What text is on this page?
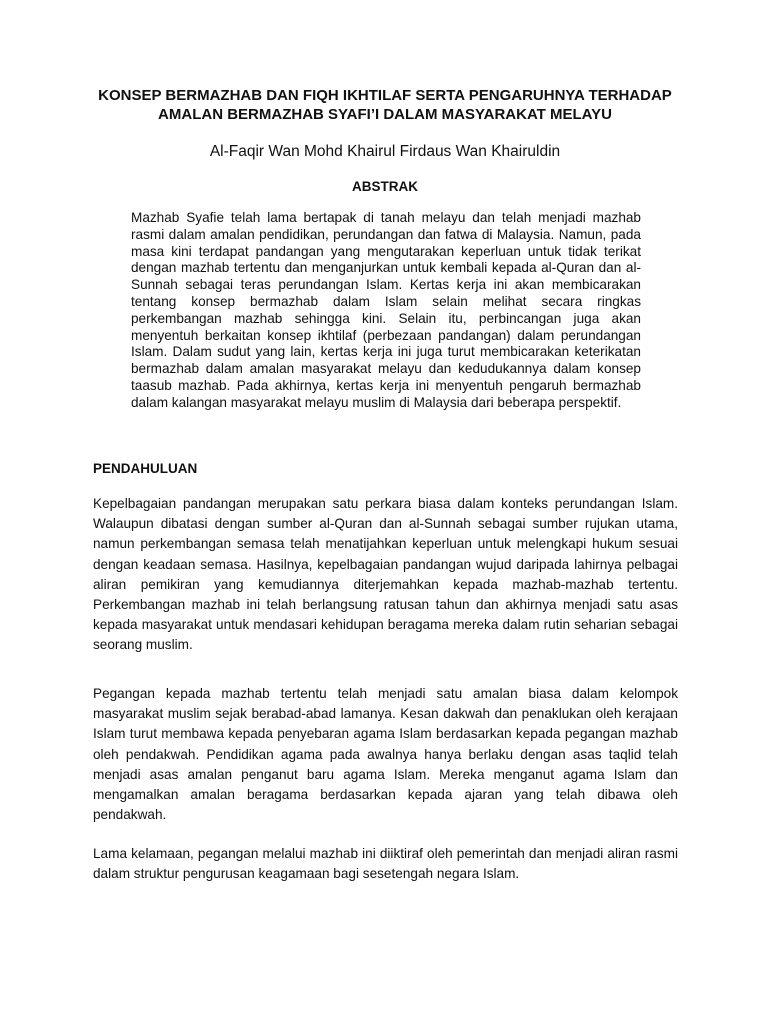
KONSEP BERMAZHAB DAN FIQH IKHTILAF SERTA PENGARUHNYA TERHADAP AMALAN BERMAZHAB SYAFI’I DALAM MASYARAKAT MELAYU

Al-Faqir Wan Mohd Khairul Firdaus Wan Khairuldin

ABSTRAK

Mazhab Syafie telah lama bertapak di tanah melayu dan telah menjadi mazhab rasmi dalam amalan pendidikan, perundangan dan fatwa di Malaysia. Namun, pada masa kini terdapat pandangan yang mengutarakan keperluan untuk tidak terikat dengan mazhab tertentu dan menganjurkan untuk kembali kepada al-Quran dan al-Sunnah sebagai teras perundangan Islam. Kertas kerja ini akan membicarakan tentang konsep bermazhab dalam Islam selain melihat secara ringkas perkembangan mazhab sehingga kini. Selain itu, perbincangan juga akan menyentuh berkaitan konsep ikhtilaf (perbezaan pandangan) dalam perundangan Islam. Dalam sudut yang lain, kertas kerja ini juga turut membicarakan keterikatan bermazhab dalam amalan masyarakat melayu dan kedudukannya dalam konsep taasub mazhab. Pada akhirnya, kertas kerja ini menyentuh pengaruh bermazhab dalam kalangan masyarakat melayu muslim di Malaysia dari beberapa perspektif.

PENDAHULUAN

Kepelbagaian pandangan merupakan satu perkara biasa dalam konteks perundangan Islam. Walaupun dibatasi dengan sumber al-Quran dan al-Sunnah sebagai sumber rujukan utama, namun perkembangan semasa telah menatijahkan keperluan untuk melengkapi hukum sesuai dengan keadaan semasa. Hasilnya, kepelbagaian pandangan wujud daripada lahirnya pelbagai aliran pemikiran yang kemudiannya diterjemahkan kepada mazhab-mazhab tertentu. Perkembangan mazhab ini telah berlangsung ratusan tahun dan akhirnya menjadi satu asas kepada masyarakat untuk mendasari kehidupan beragama mereka dalam rutin seharian sebagai seorang muslim.

Pegangan kepada mazhab tertentu telah menjadi satu amalan biasa dalam kelompok masyarakat muslim sejak berabad-abad lamanya. Kesan dakwah dan penaklukan oleh kerajaan Islam turut membawa kepada penyebaran agama Islam berdasarkan kepada pegangan mazhab oleh pendakwah. Pendidikan agama pada awalnya hanya berlaku dengan asas taqlid telah menjadi asas amalan penganut baru agama Islam. Mereka menganut agama Islam dan mengamalkan amalan beragama berdasarkan kepada ajaran yang telah dibawa oleh pendakwah.

Lama kelamaan, pegangan melalui mazhab ini diiktiraf oleh pemerintah dan menjadi aliran rasmi dalam struktur pengurusan keagamaan bagi sesetengah negara Islam.
